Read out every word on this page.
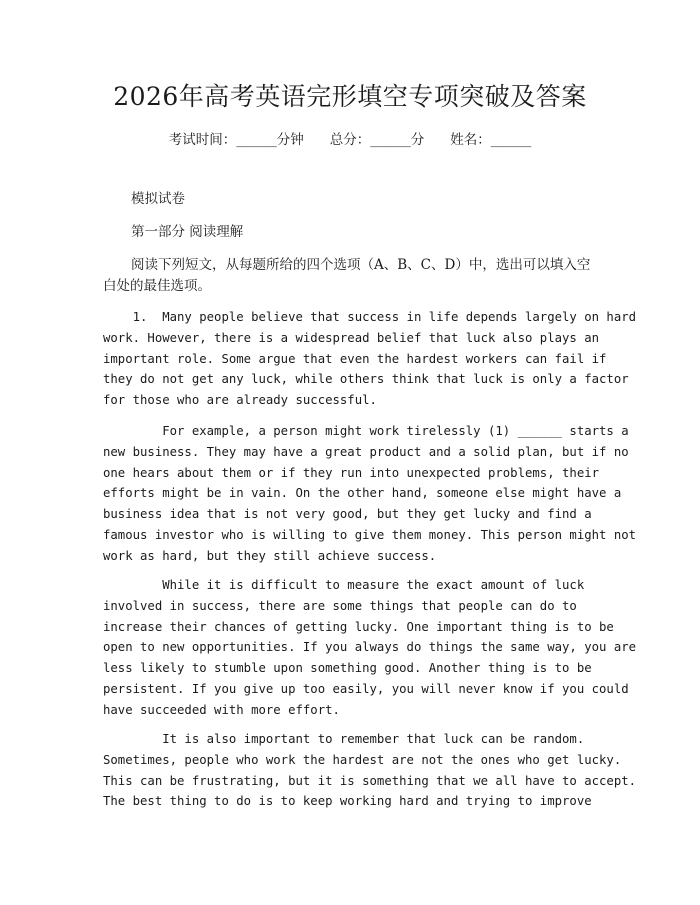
2026年高考英语完形填空专项突破及答案
考试时间：______分钟 总分：______分 姓名：______
模拟试卷
第一部分 阅读理解
阅读下列短文，从每题所给的四个选项（A、B、C、D）中，选出可以填入空白处的最佳选项。
1.  Many people believe that success in life depends largely on hard
work. However, there is a widespread belief that luck also plays an
important role. Some argue that even the hardest workers can fail if
they do not get any luck, while others think that luck is only a factor
for those who are already successful.
For example, a person might work tirelessly (1) ______ starts a
new business. They may have a great product and a solid plan, but if no
one hears about them or if they run into unexpected problems, their
efforts might be in vain. On the other hand, someone else might have a
business idea that is not very good, but they get lucky and find a
famous investor who is willing to give them money. This person might not
work as hard, but they still achieve success.
While it is difficult to measure the exact amount of luck
involved in success, there are some things that people can do to
increase their chances of getting lucky. One important thing is to be
open to new opportunities. If you always do things the same way, you are
less likely to stumble upon something good. Another thing is to be
persistent. If you give up too easily, you will never know if you could
have succeeded with more effort.
It is also important to remember that luck can be random.
Sometimes, people who work the hardest are not the ones who get lucky.
This can be frustrating, but it is something that we all have to accept.
The best thing to do is to keep working hard and trying to improve
